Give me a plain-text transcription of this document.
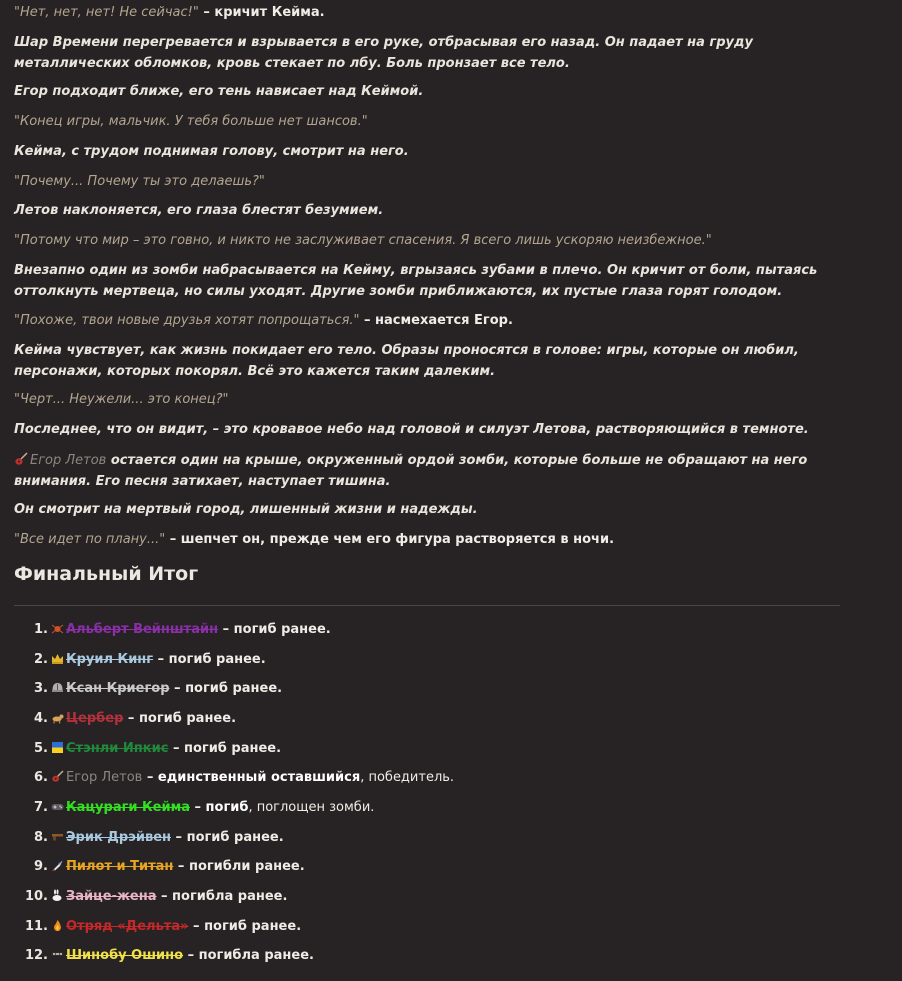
"Нет, нет, нет! Не сейчас!" – кричит Кейма.

Шар Времени перегревается и взрывается в его руке, отбрасывая его назад. Он падает на груду металлических обломков, кровь стекает по лбу. Боль пронзает все тело.

Егор подходит ближе, его тень нависает над Кеймой.

"Конец игры, мальчик. У тебя больше нет шансов."

Кейма, с трудом поднимая голову, смотрит на него.

"Почему... Почему ты это делаешь?"

Летов наклоняется, его глаза блестят безумием.

"Потому что мир – это говно, и никто не заслуживает спасения. Я всего лишь ускоряю неизбежное."

Внезапно один из зомби набрасывается на Кейму, вгрызаясь зубами в плечо. Он кричит от боли, пытаясь оттолкнуть мертвеца, но силы уходят. Другие зомби приближаются, их пустые глаза горят голодом.

"Похоже, твои новые друзья хотят попрощаться." – насмехается Егор.

Кейма чувствует, как жизнь покидает его тело. Образы проносятся в голове: игры, которые он любил, персонажи, которых покорял. Всё это кажется таким далеким.

"Черт... Неужели... это конец?"

Последнее, что он видит, – это кровавое небо над головой и силуэт Летова, растворяющийся в темноте.

Егор Летов остается один на крыше, окруженный ордой зомби, которые больше не обращают на него внимания. Его песня затихает, наступает тишина.

Он смотрит на мертвый город, лишенный жизни и надежды.

"Все идет по плану..." – шепчет он, прежде чем его фигура растворяется в ночи.

Финальный Итог
1. Альберт Вейнштайн – погиб ранее.
2. Круил Кинг – погиб ранее.
3. Ксан Криегор – погиб ранее.
4. Цербер – погиб ранее.
5. Стэнли Ипкис – погиб ранее.
6. Егор Летов – единственный оставшийся, победитель.
7. Кацураги Кейма – погиб, поглощен зомби.
8. Эрик Дрэйвен – погиб ранее.
9. Пилот и Титан – погибли ранее.
10. Зайце-жена – погибла ранее.
11. Отряд «Дельта» – погиб ранее.
12. Шинобу Ошино – погибла ранее.
